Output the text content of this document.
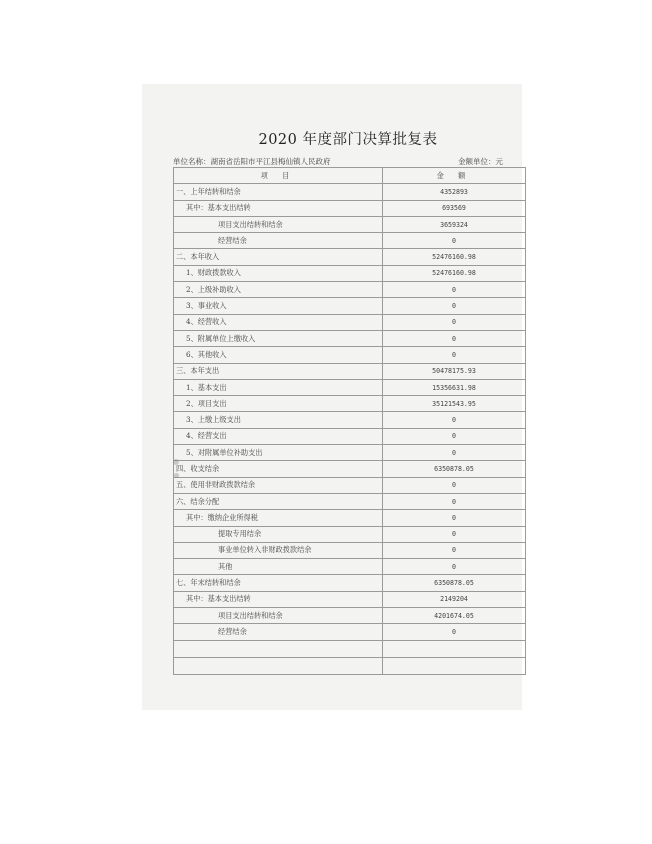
2020 年度部门决算批复表
单位名称：湖南省岳阳市平江县梅仙镇人民政府	金额单位：元
项 目	金 额
一、上年结转和结余	4352893
其中：基本支出结转	693569
项目支出结转和结余	3659324
经营结余	0
二、本年收入	52476160.98
1、财政拨款收入	52476160.98
2、上级补助收入	0
3、事业收入	0
4、经营收入	0
5、附属单位上缴收入	0
6、其他收入	0
三、本年支出	50478175.93
1、基本支出	15356631.98
2、项目支出	35121543.95
3、上缴上级支出	0
4、经营支出	0
5、对附属单位补助支出	0
四、收支结余	6350878.05
五、使用非财政拨款结余	0
六、结余分配	0
其中：缴纳企业所得税	0
提取专用结余	0
事业单位转入非财政拨款结余	0
其他	0
七、年末结转和结余	6350878.05
其中：基本支出结转	2149204
项目支出结转和结余	4201674.05
经营结余	0
